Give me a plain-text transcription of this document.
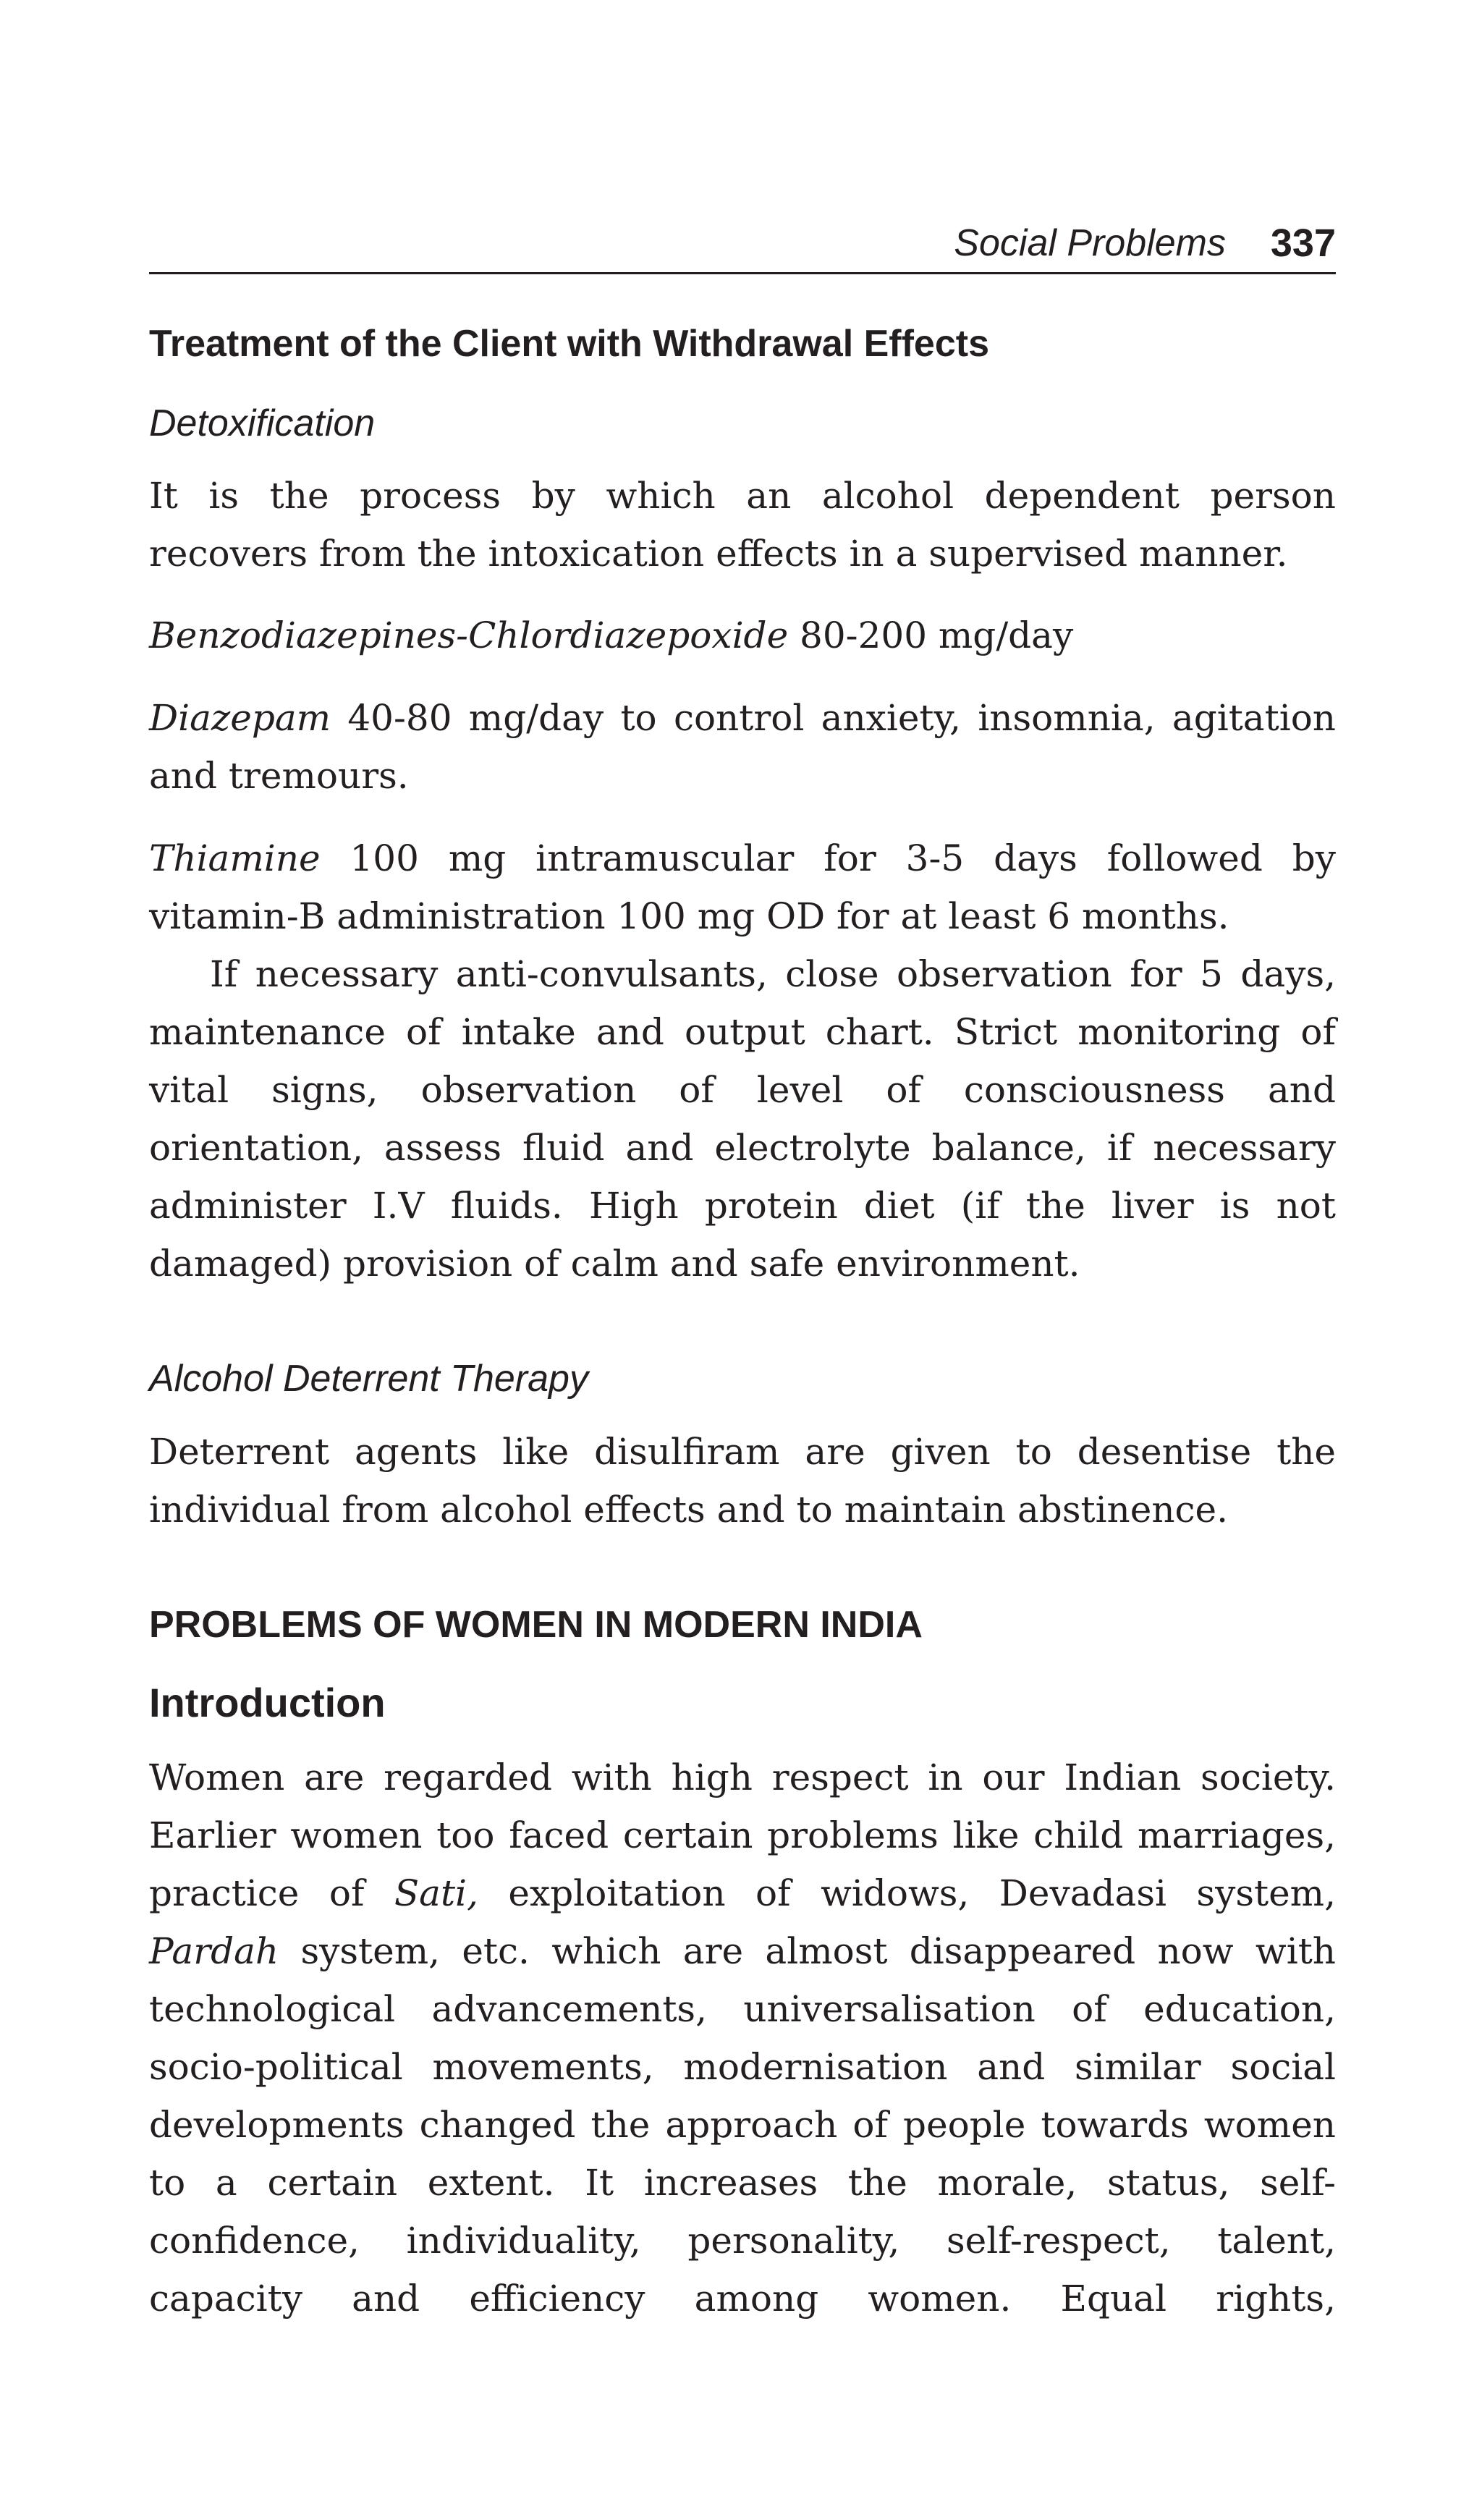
Social Problems 337
Treatment of the Client with Withdrawal Effects
Detoxification
It is the process by which an alcohol dependent person
recovers from the intoxication effects in a supervised manner.
Benzodiazepines-Chlordiazepoxide 80-200 mg/day
Diazepam 40-80 mg/day to control anxiety, insomnia, agitation
and tremours.
Thiamine 100 mg intramuscular for 3-5 days followed by
vitamin-B administration 100 mg OD for at least 6 months.
If necessary anti-convulsants, close observation for 5 days,
maintenance of intake and output chart. Strict monitoring of
vital signs, observation of level of consciousness and
orientation, assess fluid and electrolyte balance, if necessary
administer I.V fluids. High protein diet (if the liver is not
damaged) provision of calm and safe environment.
Alcohol Deterrent Therapy
Deterrent agents like disulfiram are given to desentise the
individual from alcohol effects and to maintain abstinence.
PROBLEMS OF WOMEN IN MODERN INDIA
Introduction
Women are regarded with high respect in our Indian society.
Earlier women too faced certain problems like child marriages,
practice of Sati, exploitation of widows, Devadasi system,
Pardah system, etc. which are almost disappeared now with
technological advancements, universalisation of education,
socio-political movements, modernisation and similar social
developments changed the approach of people towards women
to a certain extent. It increases the morale, status, self-
confidence, individuality, personality, self-respect, talent,
capacity and efficiency among women. Equal rights,
